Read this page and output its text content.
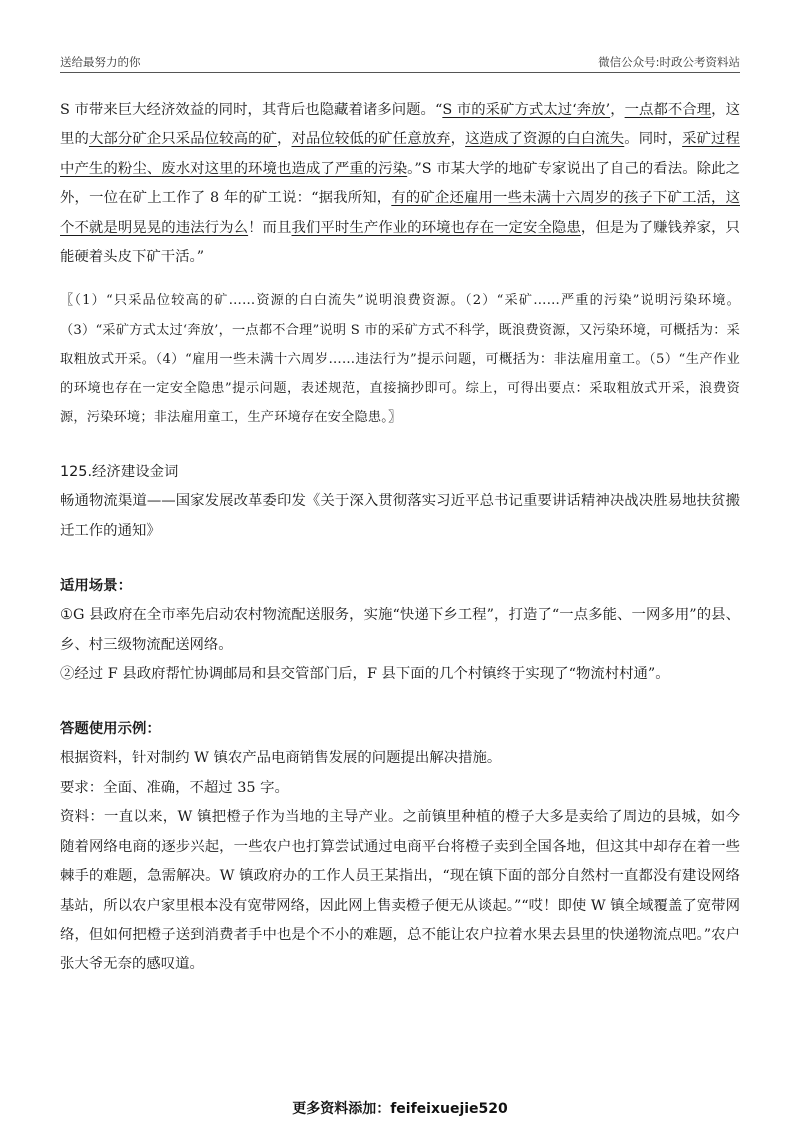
送给最努力的你	微信公众号:时政公考资料站

S 市带来巨大经济效益的同时，其背后也隐藏着诸多问题。“S 市的采矿方式太过‘奔放’，一点都不合理，这里的大部分矿企只采品位较高的矿，对品位较低的矿任意放弃，这造成了资源的白白流失。同时，采矿过程中产生的粉尘、废水对这里的环境也造成了严重的污染。”S 市某大学的地矿专家说出了自己的看法。除此之外，一位在矿上工作了 8 年的矿工说：“据我所知，有的矿企还雇用一些未满十六周岁的孩子下矿工活，这个不就是明晃晃的违法行为么！而且我们平时生产作业的环境也存在一定安全隐患，但是为了赚钱养家，只能硬着头皮下矿干活。”

〖（1）“只采品位较高的矿……资源的白白流失”说明浪费资源。（2）“采矿……严重的污染”说明污染环境。（3）“采矿方式太过‘奔放’，一点都不合理”说明 S 市的采矿方式不科学，既浪费资源，又污染环境，可概括为：采取粗放式开采。（4）“雇用一些未满十六周岁……违法行为”提示问题，可概括为：非法雇用童工。（5）“生产作业的环境也存在一定安全隐患”提示问题，表述规范，直接摘抄即可。综上，可得出要点：采取粗放式开采，浪费资源，污染环境；非法雇用童工，生产环境存在安全隐患。〗

125.经济建设金词

畅通物流渠道——国家发展改革委印发《关于深入贯彻落实习近平总书记重要讲话精神决战决胜易地扶贫搬迁工作的通知》

适用场景：

①G 县政府在全市率先启动农村物流配送服务，实施“快递下乡工程”，打造了“一点多能、一网多用”的县、乡、村三级物流配送网络。

②经过 F 县政府帮忙协调邮局和县交管部门后，F 县下面的几个村镇终于实现了“物流村村通”。

答题使用示例：

根据资料，针对制约 W 镇农产品电商销售发展的问题提出解决措施。

要求：全面、准确，不超过 35 字。

资料：一直以来，W 镇把橙子作为当地的主导产业。之前镇里种植的橙子大多是卖给了周边的县城，如今随着网络电商的逐步兴起，一些农户也打算尝试通过电商平台将橙子卖到全国各地，但这其中却存在着一些棘手的难题，急需解决。W 镇政府办的工作人员王某指出，“现在镇下面的部分自然村一直都没有建设网络基站，所以农户家里根本没有宽带网络，因此网上售卖橙子便无从谈起。”“哎！即使 W 镇全域覆盖了宽带网络，但如何把橙子送到消费者手中也是个不小的难题，总不能让农户拉着水果去县里的快递物流点吧。”农户张大爷无奈的感叹道。

更多资料添加：feifeixuejie520
